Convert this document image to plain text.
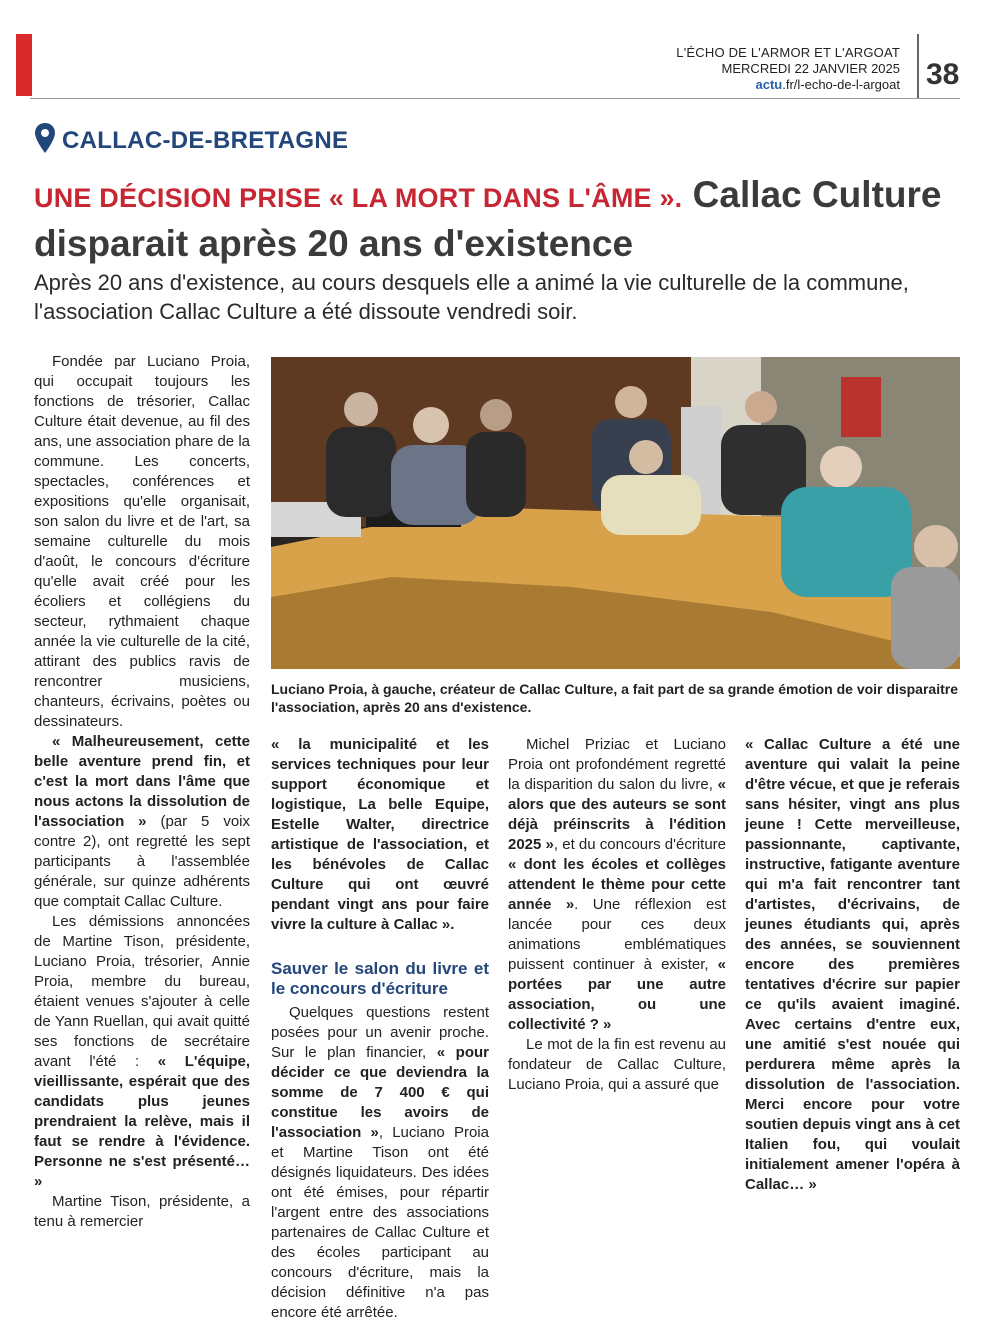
L'ÉCHO DE L'ARMOR ET L'ARGOAT
MERCREDI 22 JANVIER 2025
actu.fr/l-echo-de-l-argoat 38
CALLAC-DE-BRETAGNE
UNE DÉCISION PRISE « LA MORT DANS L'ÂME ». Callac Culture disparait après 20 ans d'existence
Après 20 ans d'existence, au cours desquels elle a animé la vie culturelle de la commune, l'association Callac Culture a été dissoute vendredi soir.
Luciano Proia, à gauche, créateur de Callac Culture, a fait part de sa grande émotion de voir disparaitre l'association, après 20 ans d'existence.

Fondée par Luciano Proia, qui occupait toujours les fonctions de trésorier, Callac Culture était devenue, au fil des ans, une association phare de la commune. Les concerts, spectacles, conférences et expositions qu'elle organisait, son salon du livre et de l'art, sa semaine culturelle du mois d'août, le concours d'écriture qu'elle avait créé pour les écoliers et collégiens du secteur, rythmaient chaque année la vie culturelle de la cité, attirant des publics ravis de rencontrer musiciens, chanteurs, écrivains, poètes ou dessinateurs.

« Malheureusement, cette belle aventure prend fin, et c'est la mort dans l'âme que nous actons la dissolution de l'association » (par 5 voix contre 2), ont regretté les sept participants à l'assemblée générale, sur quinze adhérents que comptait Callac Culture.

Les démissions annoncées de Martine Tison, présidente, Luciano Proia, trésorier, Annie Proia, membre du bureau, étaient venues s'ajouter à celle de Yann Ruellan, qui avait quitté ses fonctions de secrétaire avant l'été : « L'équipe, vieillissante, espérait que des candidats plus jeunes prendraient la relève, mais il faut se rendre à l'évidence. Personne ne s'est présenté… »

Martine Tison, présidente, a tenu à remercier

« la municipalité et les services techniques pour leur support économique et logistique, La belle Equipe, Estelle Walter, directrice artistique de l'association, et les bénévoles de Callac Culture qui ont œuvré pendant vingt ans pour faire vivre la culture à Callac ».

Sauver le salon du livre et le concours d'écriture

Quelques questions restent posées pour un avenir proche. Sur le plan financier, « pour décider ce que deviendra la somme de 7 400 € qui constitue les avoirs de l'association », Luciano Proia et Martine Tison ont été désignés liquidateurs. Des idées ont été émises, pour répartir l'argent entre des associations partenaires de Callac Culture et des écoles participant au concours d'écriture, mais la décision définitive n'a pas encore été arrêtée.

Michel Priziac et Luciano Proia ont profondément regretté la disparition du salon du livre, « alors que des auteurs se sont déjà préinscrits à l'édition 2025 », et du concours d'écriture « dont les écoles et collèges attendent le thème pour cette année ». Une réflexion est lancée pour ces deux animations emblématiques puissent continuer à exister, « portées par une autre association, ou une collectivité ? »

Le mot de la fin est revenu au fondateur de Callac Culture, Luciano Proia, qui a assuré que

« Callac Culture a été une aventure qui valait la peine d'être vécue, et que je referais sans hésiter, vingt ans plus jeune ! Cette merveilleuse, passionnante, captivante, instructive, fatigante aventure qui m'a fait rencontrer tant d'artistes, d'écrivains, de jeunes étudiants qui, après des années, se souviennent encore des premières tentatives d'écrire sur papier ce qu'ils avaient imaginé. Avec certains d'entre eux, une amitié s'est nouée qui perdurera même après la dissolution de l'association. Merci encore pour votre soutien depuis vingt ans à cet Italien fou, qui voulait initialement amener l'opéra à Callac… »
